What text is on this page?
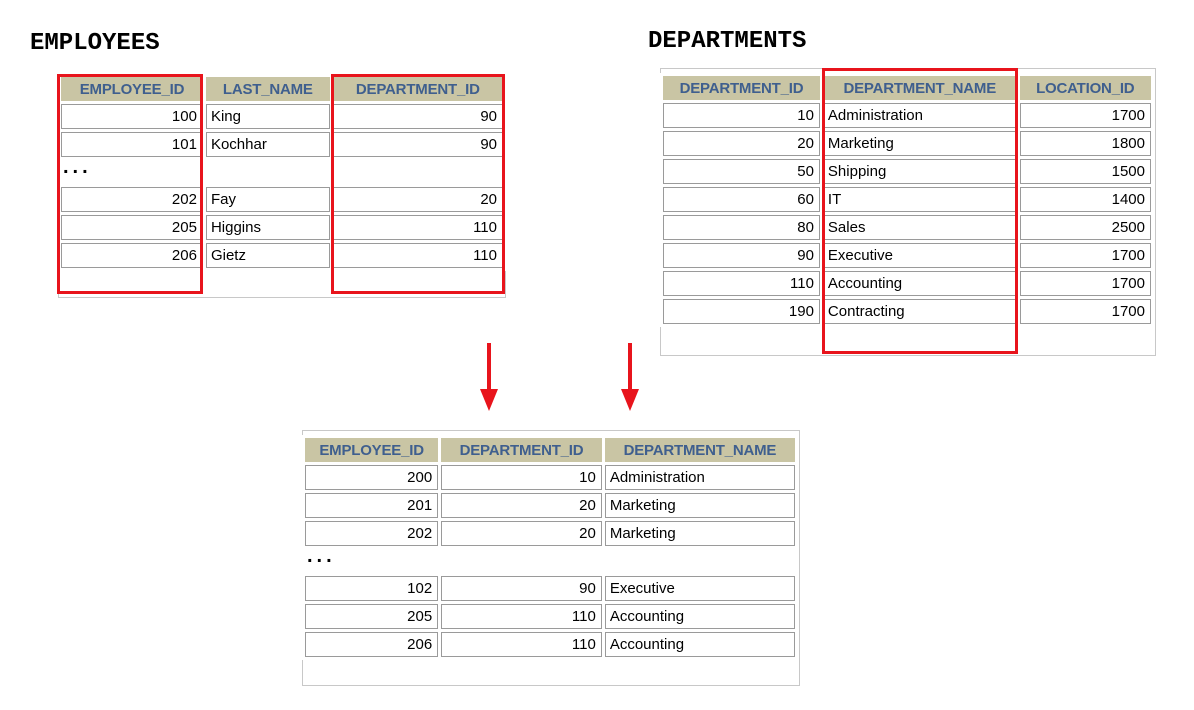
EMPLOYEES
EMPLOYEE_ID	LAST_NAME	DEPARTMENT_ID
100	King	90
101	Kochhar	90
...		
202	Fay	20
205	Higgins	110
206	Gietz	110
DEPARTMENTS
DEPARTMENT_ID	DEPARTMENT_NAME	LOCATION_ID
10	Administration	1700
20	Marketing	1800
50	Shipping	1500
60	IT	1400
80	Sales	2500
90	Executive	1700
110	Accounting	1700
190	Contracting	1700
EMPLOYEE_ID	DEPARTMENT_ID	DEPARTMENT_NAME
200	10	Administration
201	20	Marketing
202	20	Marketing
...		
102	90	Executive
205	110	Accounting
206	110	Accounting
